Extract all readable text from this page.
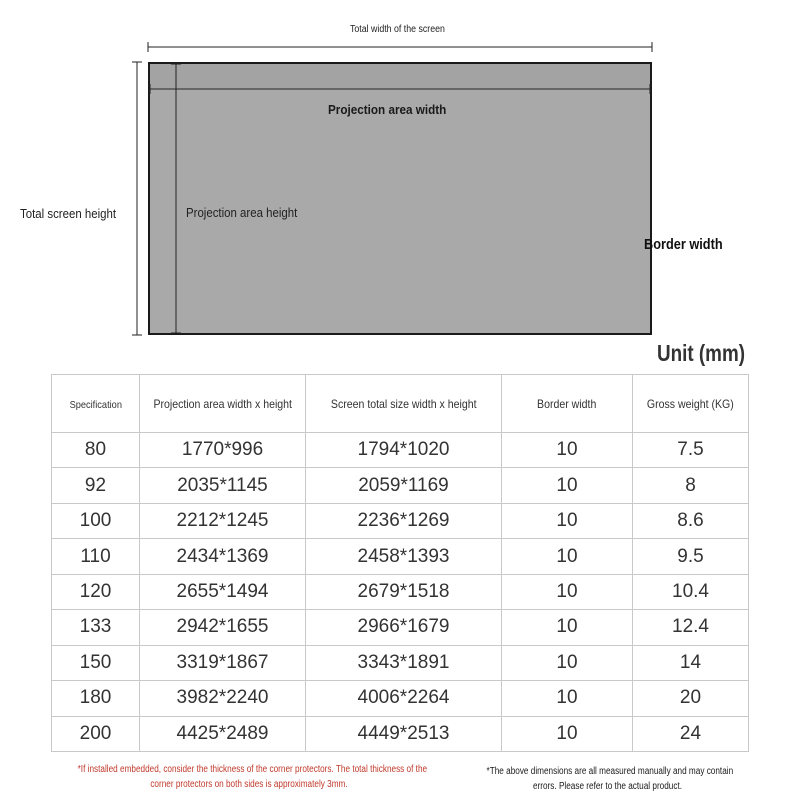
Total width of the screen
Projection area width
Projection area height
Total screen height
Border width
Unit (mm)
Specification	Projection area width x height	Screen total size width x height	Border width	Gross weight (KG)
80	1770*996	1794*1020	10	7.5
92	2035*1145	2059*1169	10	8
100	2212*1245	2236*1269	10	8.6
110	2434*1369	2458*1393	10	9.5
120	2655*1494	2679*1518	10	10.4
133	2942*1655	2966*1679	10	12.4
150	3319*1867	3343*1891	10	14
180	3982*2240	4006*2264	10	20
200	4425*2489	4449*2513	10	24
*If installed embedded, consider the thickness of the corner protectors. The total thickness of the
corner protectors on both sides is approximately 3mm.
*The above dimensions are all measured manually and may contain
errors. Please refer to the actual product.
